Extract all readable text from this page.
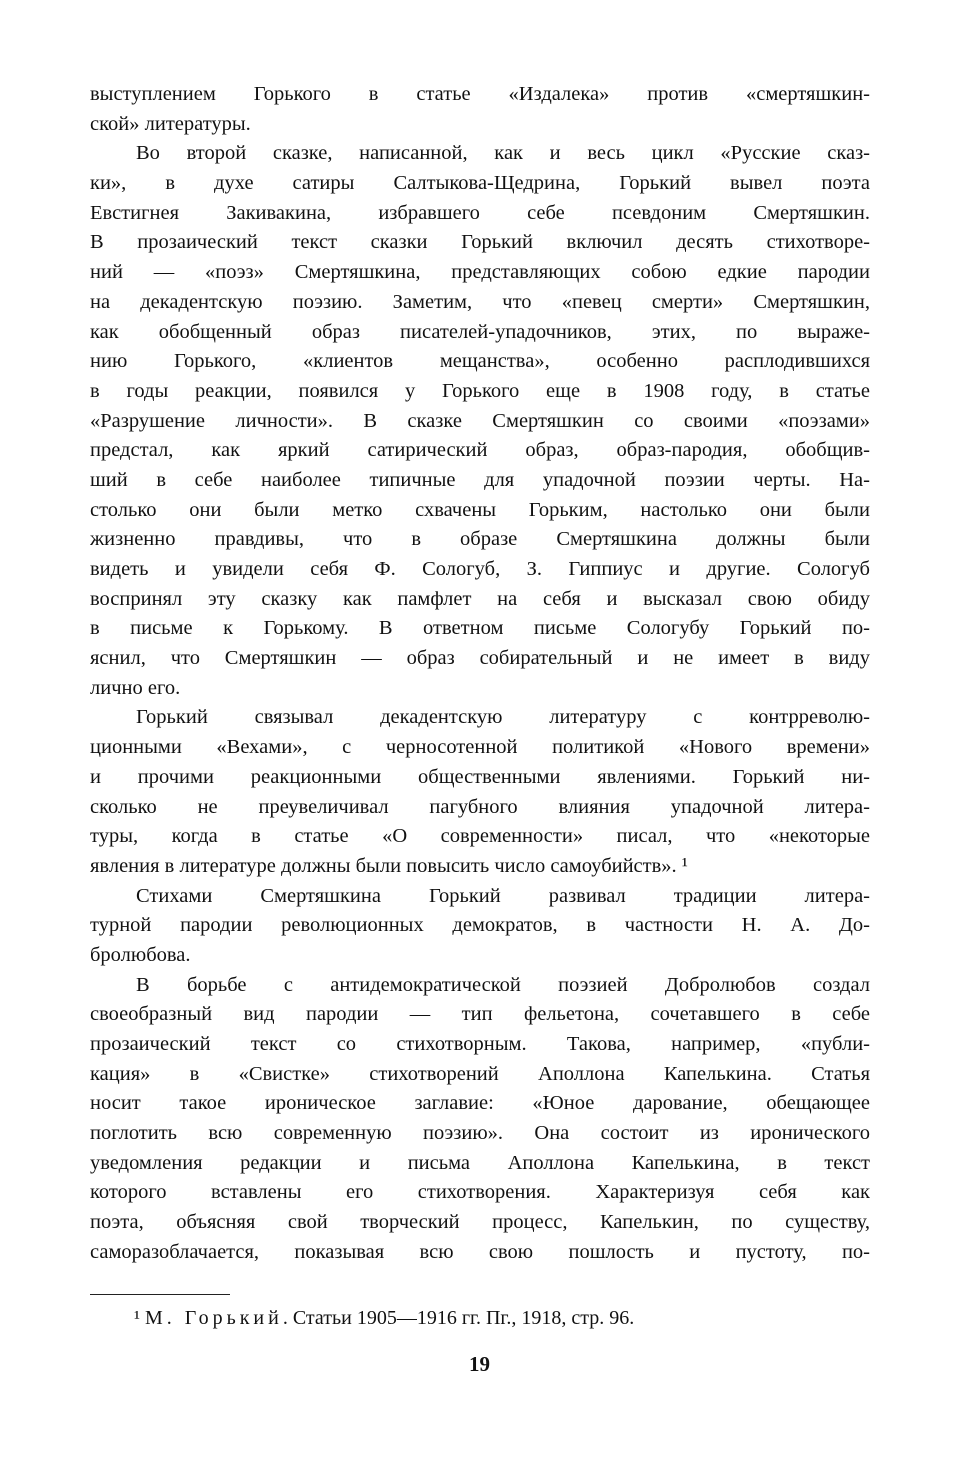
выступлением Горького в статье «Издалека» против «смертяшкин-
ской» литературы.
Во второй сказке, написанной, как и весь цикл «Русские сказ-
ки», в духе сатиры Салтыкова-Щедрина, Горький вывел поэта
Евстигнея Закивакина, избравшего себе псевдоним Смертяшкин.
В прозаический текст сказки Горький включил десять стихотворе-
ний — «поэз» Смертяшкина, представляющих собою едкие пародии
на декадентскую поэзию. Заметим, что «певец смерти» Смертяшкин,
как обобщенный образ писателей-упадочников, этих, по выраже-
нию Горького, «клиентов мещанства», особенно расплодившихся
в годы реакции, появился у Горького еще в 1908 году, в статье
«Разрушение личности». В сказке Смертяшкин со своими «поэзами»
предстал, как яркий сатирический образ, образ-пародия, обобщив-
ший в себе наиболее типичные для упадочной поэзии черты. На-
столько они были метко схвачены Горьким, настолько они были
жизненно правдивы, что в образе Смертяшкина должны были
видеть и увидели себя Ф. Сологуб, З. Гиппиус и другие. Сологуб
воспринял эту сказку как памфлет на себя и высказал свою обиду
в письме к Горькому. В ответном письме Сологубу Горький по-
яснил, что Смертяшкин — образ собирательный и не имеет в виду
лично его.
Горький связывал декадентскую литературу с контрреволю-
ционными «Вехами», с черносотенной политикой «Нового времени»
и прочими реакционными общественными явлениями. Горький ни-
сколько не преувеличивал пагубного влияния упадочной литера-
туры, когда в статье «О современности» писал, что «некоторые
явления в литературе должны были повысить число самоубийств». ¹
Стихами Смертяшкина Горький развивал традиции литера-
турной пародии революционных демократов, в частности Н. А. До-
бролюбова.
В борьбе с антидемократической поэзией Добролюбов создал
своеобразный вид пародии — тип фельетона, сочетавшего в себе
прозаический текст со стихотворным. Такова, например, «публи-
кация» в «Свистке» стихотворений Аполлона Капелькина. Статья
носит такое ироническое заглавие: «Юное дарование, обещающее
поглотить всю современную поэзию». Она состоит из иронического
уведомления редакции и письма Аполлона Капелькина, в текст
которого вставлены его стихотворения. Характеризуя себя как
поэта, объясняя свой творческий процесс, Капелькин, по существу,
саморазоблачается, показывая всю свою пошлость и пустоту, по-
¹ М. Горький. Статьи 1905—1916 гг. Пг., 1918, стр. 96.
19
